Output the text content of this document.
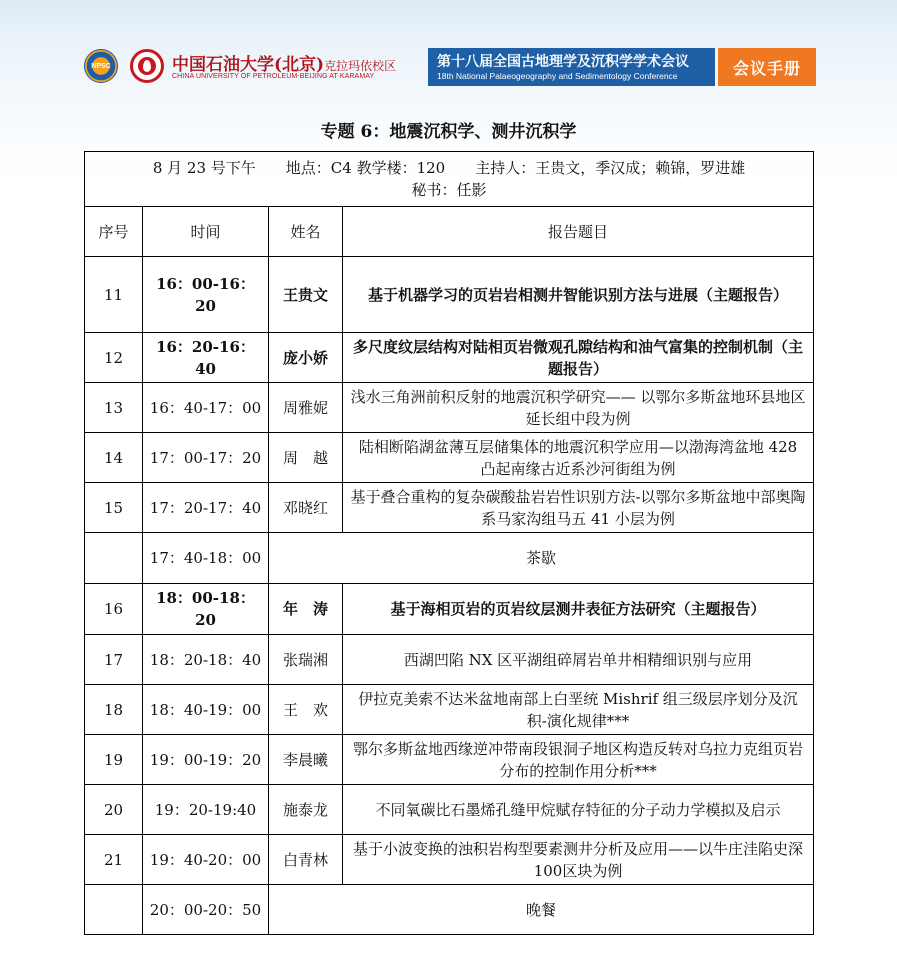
NPSC	中国石油大学(北京)克拉玛依校区
CHINA UNIVERSITY OF PETROLEUM-BEIJING AT KARAMAY
第十八届全国古地理学及沉积学学术会议
18th National Palaeogeography and Sedimentology Conference	会议手册
专题 6：地震沉积学、测井沉积学
8 月 23 号下午　　地点：C4 教学楼：120　　主持人：王贵文，季汉成；赖锦，罗进雄
秘书：任影			

序号	时间	姓名	报告题目
11	16：00-16：20	王贵文	基于机器学习的页岩岩相测井智能识别方法与进展（主题报告）
12	16：20-16：40	庞小娇	多尺度纹层结构对陆相页岩微观孔隙结构和油气富集的控制机制（主题报告）
13	16：40-17：00	周雅妮	浅水三角洲前积反射的地震沉积学研究—— 以鄂尔多斯盆地环县地区延长组中段为例
14	17：00-17：20	周　越	陆相断陷湖盆薄互层储集体的地震沉积学应用—以渤海湾盆地 428 凸起南缘古近系沙河街组为例
15	17：20-17：40	邓晓红	基于叠合重构的复杂碳酸盐岩岩性识别方法-以鄂尔多斯盆地中部奥陶系马家沟组马五 41 小层为例
	17：40-18：00	茶歇	
16	18：00-18：20	年　涛	基于海相页岩的页岩纹层测井表征方法研究（主题报告）
17	18：20-18：40	张瑞湘	西湖凹陷 NX 区平湖组碎屑岩单井相精细识别与应用
18	18：40-19：00	王　欢	伊拉克美索不达米盆地南部上白垩统 Mishrif 组三级层序划分及沉积-演化规律***
19	19：00-19：20	李晨曦	鄂尔多斯盆地西缘逆冲带南段银洞子地区构造反转对乌拉力克组页岩分布的控制作用分析***
20	19：20-19:40	施泰龙	不同氧碳比石墨烯孔缝甲烷赋存特征的分子动力学模拟及启示
21	19：40-20：00	白青林	基于小波变换的浊积岩构型要素测井分析及应用——以牛庄洼陷史深100区块为例
	20：00-20：50	晚餐	
